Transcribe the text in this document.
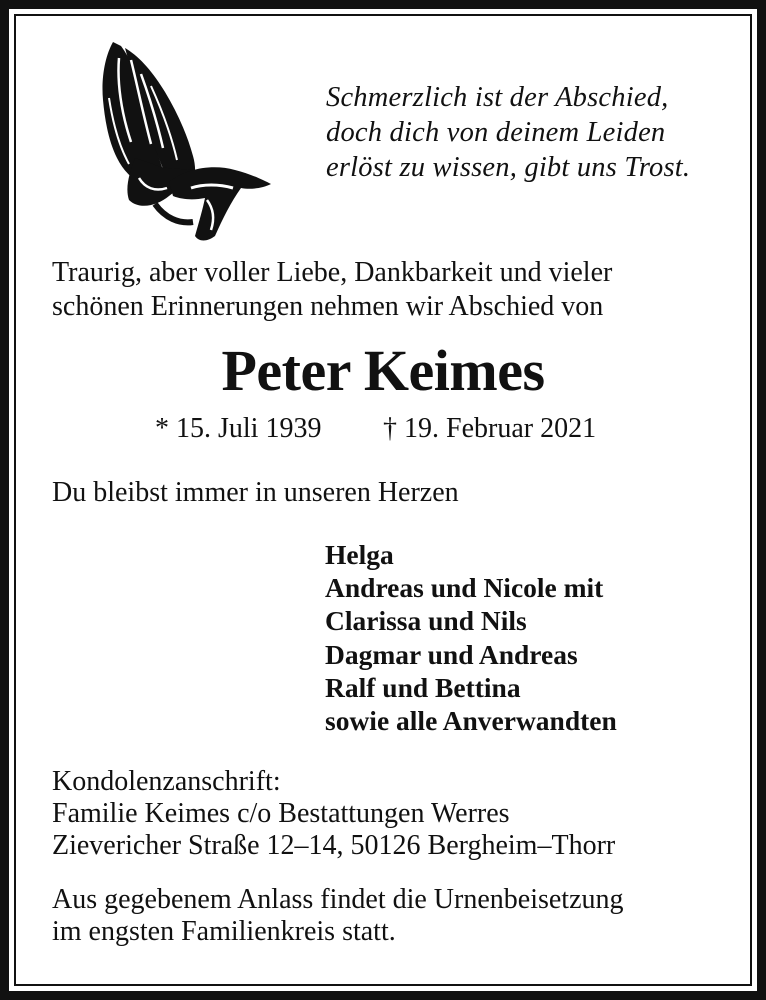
Schmerzlich ist der Abschied,
doch dich von deinem Leiden
erlöst zu wissen, gibt uns Trost.
Traurig, aber voller Liebe, Dankbarkeit und vieler
schönen Erinnerungen nehmen wir Abschied von
Peter Keimes
* 15. Juli 1939 † 19. Februar 2021
Du bleibst immer in unseren Herzen
Helga
Andreas und Nicole mit
Clarissa und Nils
Dagmar und Andreas
Ralf und Bettina
sowie alle Anverwandten
Kondolenzanschrift:
Familie Keimes c/o Bestattungen Werres
Zievericher Straße 12–14, 50126 Bergheim–Thorr
Aus gegebenem Anlass findet die Urnenbeisetzung
im engsten Familienkreis statt.
